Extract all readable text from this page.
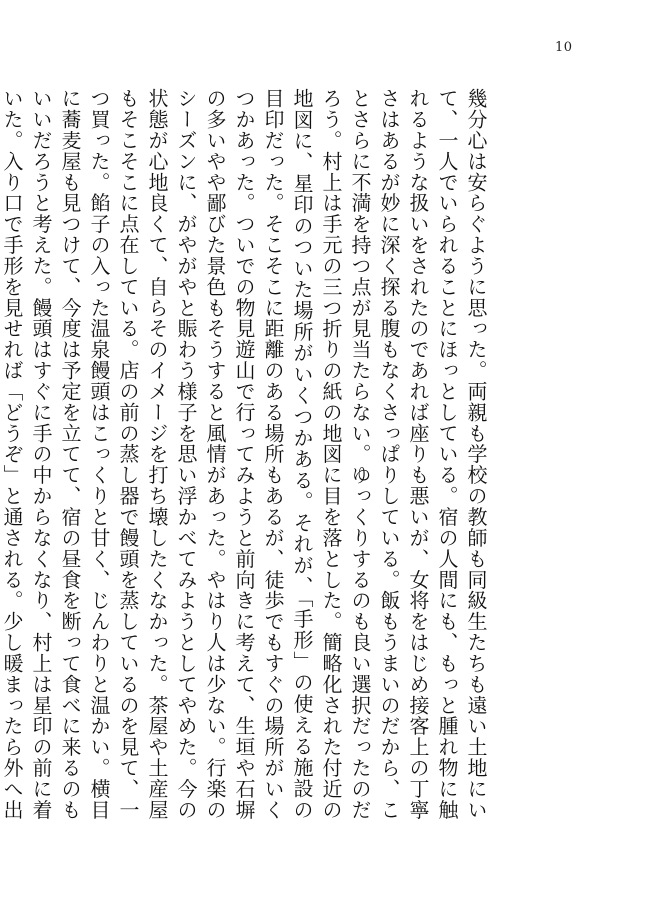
10

幾分心は安らぐように思った。両親も学校の教師も同級生たちも遠い土地にいて、一人でいられることにほっとしている。宿の人間にも、もっと腫れ物に触れるような扱いをされたのであれば座りも悪いが、女将をはじめ接客上の丁寧さはあるが妙に深く探る腹もなくさっぱりしている。飯もうまいのだから、ことさらに不満を持つ点が見当たらない。ゆっくりするのも良い選択だったのだろう。村上は手元の三つ折りの紙の地図に目を落とした。簡略化された付近の地図に、星印のついた場所がいくつかある。それが、「手形」の使える施設の目印だった。そこそこに距離のある場所もあるが、徒歩でもすぐの場所がいくつかあった。ついでの物見遊山で行ってみようと前向きに考えて、生垣や石塀の多いやや鄙びた景色もそうすると風情があった。やはり人は少ない。行楽のシーズンに、がやがやと賑わう様子を思い浮かべてみようとしてやめた。今の状態が心地良くて、自らそのイメージを打ち壊したくなかった。茶屋や土産屋もそこそこに点在している。店の前の蒸し器で饅頭を蒸しているのを見て、一つ買った。餡子の入った温泉饅頭はこっくりと甘く、じんわりと温かい。横目に蕎麦屋も見つけて、今度は予定を立てて、宿の昼食を断って食べに来るのもいいだろうと考えた。饅頭はすぐに手の中からなくなり、村上は星印の前に着いた。入り口で手形を見せれば「どうぞ」と通される。少し暖まったら外へ出
